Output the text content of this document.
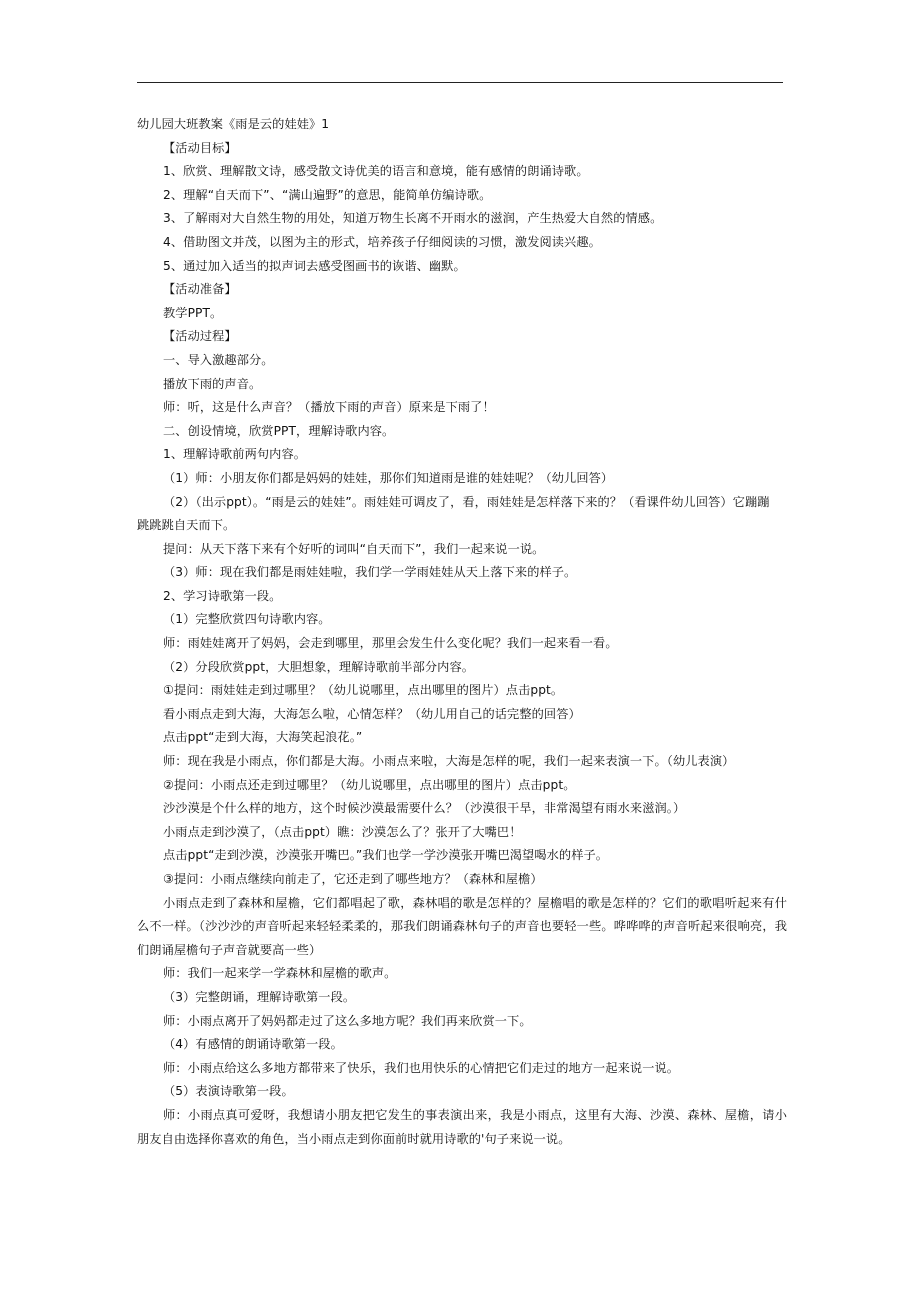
幼儿园大班教案《雨是云的娃娃》1
【活动目标】
1、欣赏、理解散文诗，感受散文诗优美的语言和意境，能有感情的朗诵诗歌。
2、理解“自天而下”、“满山遍野”的意思，能简单仿编诗歌。
3、了解雨对大自然生物的用处，知道万物生长离不开雨水的滋润，产生热爱大自然的情感。
4、借助图文并茂，以图为主的形式，培养孩子仔细阅读的习惯，激发阅读兴趣。
5、通过加入适当的拟声词去感受图画书的诙谐、幽默。
【活动准备】
教学PPT。
【活动过程】
一、导入激趣部分。
播放下雨的声音。
师：听，这是什么声音？（播放下雨的声音）原来是下雨了！
二、创设情境，欣赏PPT，理解诗歌内容。
1、理解诗歌前两句内容。
（1）师：小朋友你们都是妈妈的娃娃，那你们知道雨是谁的娃娃呢？（幼儿回答）
（2）（出示ppt）。“雨是云的娃娃”。雨娃娃可调皮了，看，雨娃娃是怎样落下来的？（看课件幼儿回答）它蹦蹦
跳跳跳自天而下。
提问：从天下落下来有个好听的词叫“自天而下”，我们一起来说一说。
（3）师：现在我们都是雨娃娃啦，我们学一学雨娃娃从天上落下来的样子。
2、学习诗歌第一段。
（1）完整欣赏四句诗歌内容。
师：雨娃娃离开了妈妈，会走到哪里，那里会发生什么变化呢？我们一起来看一看。
（2）分段欣赏ppt，大胆想象，理解诗歌前半部分内容。
①提问：雨娃娃走到过哪里？（幼儿说哪里，点出哪里的图片）点击ppt。
看小雨点走到大海，大海怎么啦，心情怎样？（幼儿用自己的话完整的回答）
点击ppt“走到大海，大海笑起浪花。”
师：现在我是小雨点，你们都是大海。小雨点来啦，大海是怎样的呢，我们一起来表演一下。（幼儿表演）
②提问：小雨点还走到过哪里？（幼儿说哪里，点出哪里的图片）点击ppt。
沙沙漠是个什么样的地方，这个时候沙漠最需要什么？（沙漠很干旱，非常渴望有雨水来滋润。）
小雨点走到沙漠了，（点击ppt）瞧：沙漠怎么了？张开了大嘴巴！
点击ppt“走到沙漠，沙漠张开嘴巴。”我们也学一学沙漠张开嘴巴渴望喝水的样子。
③提问：小雨点继续向前走了，它还走到了哪些地方？（森林和屋檐）
小雨点走到了森林和屋檐，它们都唱起了歌，森林唱的歌是怎样的？屋檐唱的歌是怎样的？它们的歌唱听起来有什么不一样。（沙沙沙的声音听起来轻轻柔柔的，那我们朗诵森林句子的声音也要轻一些。哗哗哗的声音听起来很响亮，我们朗诵屋檐句子声音就要高一些）
师：我们一起来学一学森林和屋檐的歌声。
（3）完整朗诵，理解诗歌第一段。
师：小雨点离开了妈妈都走过了这么多地方呢？我们再来欣赏一下。
（4）有感情的朗诵诗歌第一段。
师：小雨点给这么多地方都带来了快乐，我们也用快乐的心情把它们走过的地方一起来说一说。
（5）表演诗歌第一段。
师：小雨点真可爱呀，我想请小朋友把它发生的事表演出来，我是小雨点，这里有大海、沙漠、森林、屋檐，请小朋友自由选择你喜欢的角色，当小雨点走到你面前时就用诗歌的'句子来说一说。
